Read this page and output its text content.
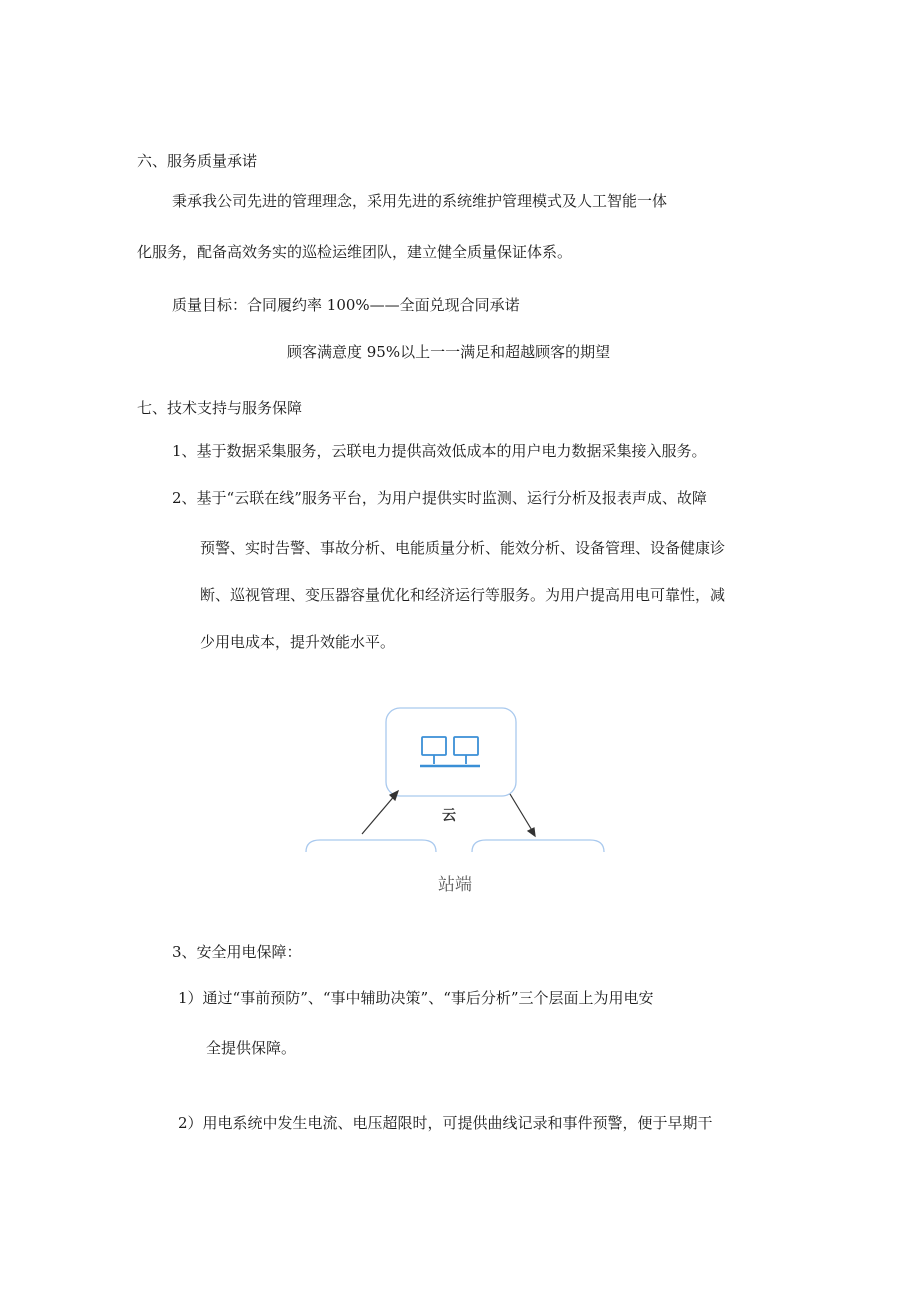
六、服务质量承诺
秉承我公司先进的管理理念，采用先进的系统维护管理模式及人工智能一体
化服务，配备高效务实的巡检运维团队，建立健全质量保证体系。
质量目标：合同履约率 100%——全面兑现合同承诺
顾客满意度 95%以上一一满足和超越顾客的期望
七、技术支持与服务保障
1、基于数据采集服务，云联电力提供高效低成本的用户电力数据采集接入服务。
2、基于“云联在线”服务平台，为用户提供实时监测、运行分析及报表声成、故障
预警、实时告警、事故分析、电能质量分析、能效分析、设备管理、设备健康诊
断、巡视管理、变压器容量优化和经济运行等服务。为用户提高用电可靠性，减
少用电成本，提升效能水平。
云
站端
3、安全用电保障：
1）通过“事前预防”、“事中辅助决策”、“事后分析”三个层面上为用电安
全提供保障。
2）用电系统中发生电流、电压超限时，可提供曲线记录和事件预警，便于早期干
